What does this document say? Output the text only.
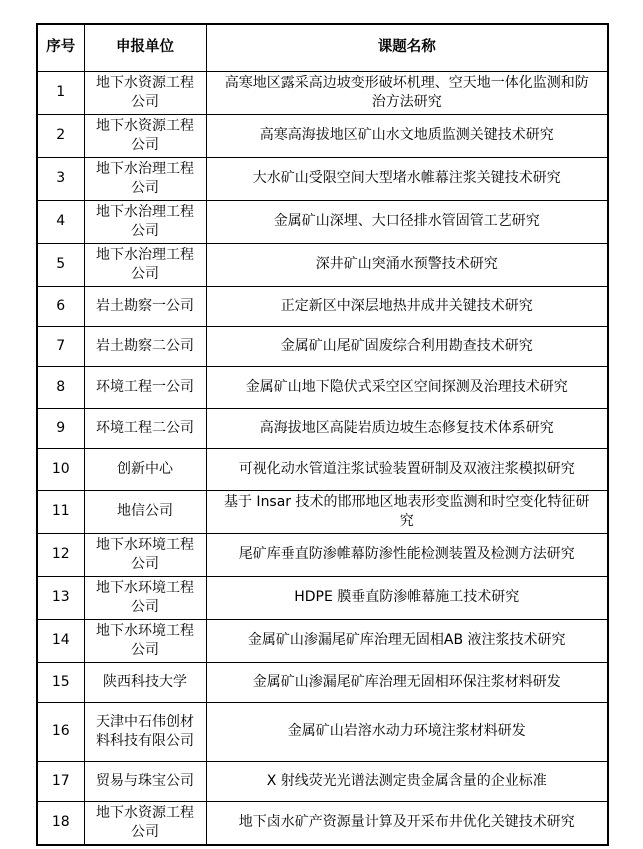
序号	申报单位	课题名称
1	地下水资源工程公司	高寒地区露采高边坡变形破坏机理、空天地一体化监测和防治方法研究
2	地下水资源工程公司	高寒高海拔地区矿山水文地质监测关键技术研究
3	地下水治理工程公司	大水矿山受限空间大型堵水帷幕注浆关键技术研究
4	地下水治理工程公司	金属矿山深埋、大口径排水管固管工艺研究
5	地下水治理工程公司	深井矿山突涌水预警技术研究
6	岩土勘察一公司	正定新区中深层地热井成井关键技术研究
7	岩土勘察二公司	金属矿山尾矿固废综合利用勘查技术研究
8	环境工程一公司	金属矿山地下隐伏式采空区空间探测及治理技术研究
9	环境工程二公司	高海拔地区高陡岩质边坡生态修复技术体系研究
10	创新中心	可视化动水管道注浆试验装置研制及双液注浆模拟研究
11	地信公司	基于 Insar 技术的邯邢地区地表形变监测和时空变化特征研究
12	地下水环境工程公司	尾矿库垂直防渗帷幕防渗性能检测装置及检测方法研究
13	地下水环境工程公司	HDPE 膜垂直防渗帷幕施工技术研究
14	地下水环境工程公司	金属矿山渗漏尾矿库治理无固相AB 液注浆技术研究
15	陕西科技大学	金属矿山渗漏尾矿库治理无固相环保注浆材料研发
16	天津中石伟创材料科技有限公司	金属矿山岩溶水动力环境注浆材料研发
17	贸易与珠宝公司	X 射线荧光光谱法测定贵金属含量的企业标准
18	地下水资源工程公司	地下卤水矿产资源量计算及开采布井优化关键技术研究
